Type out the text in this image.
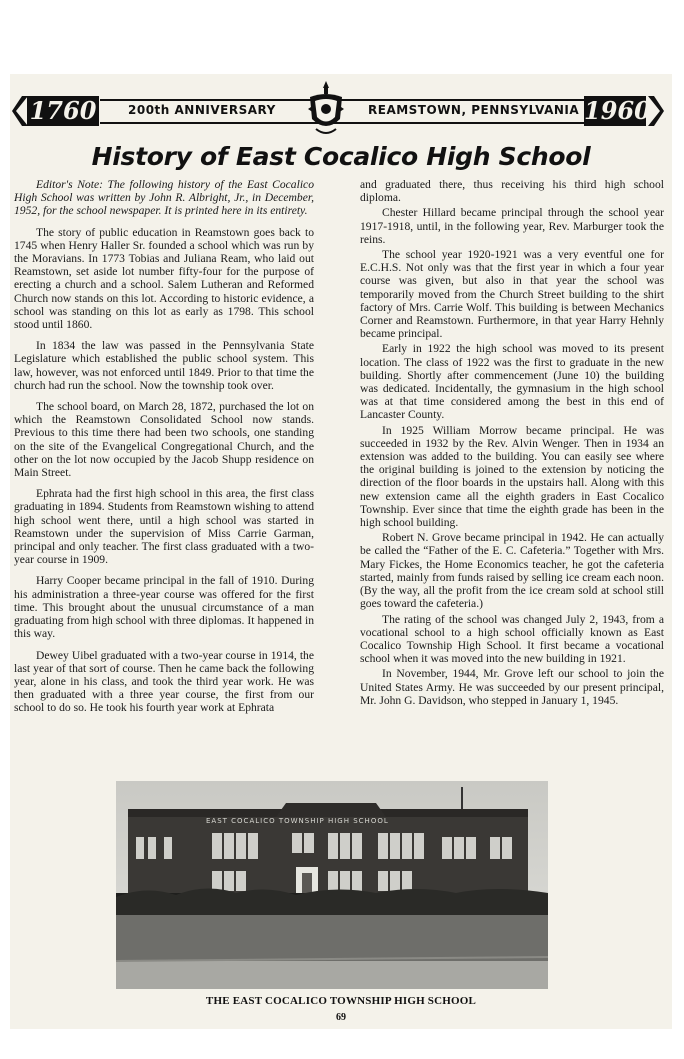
1760	200th ANNIVERSARY	REAMSTOWN, PENNSYLVANIA 1960
History of East Cocalico High School

Editor's Note: The following history of the East Cocalico High School was written by John R. Albright, Jr., in December, 1952, for the school newspaper. It is printed here in its entirety.

The story of public education in Reamstown goes back to 1745 when Henry Haller Sr. founded a school which was run by the Moravians. In 1773 Tobias and Juliana Ream, who laid out Reamstown, set aside lot number fifty-four for the purpose of erecting a church and a school. Salem Lutheran and Reformed Church now stands on this lot. According to historic evidence, a school was standing on this lot as early as 1798. This school stood until 1860.

In 1834 the law was passed in the Pennsylvania State Legislature which established the public school system. This law, however, was not enforced until 1849. Prior to that time the church had run the school. Now the township took over.

The school board, on March 28, 1872, purchased the lot on which the Reamstown Consolidated School now stands. Previous to this time there had been two schools, one standing on the site of the Evangelical Congregational Church, and the other on the lot now occupied by the Jacob Shupp residence on Main Street.

Ephrata had the first high school in this area, the first class graduating in 1894. Students from Reamstown wishing to attend high school went there, until a high school was started in Reamstown under the supervision of Miss Carrie Garman, principal and only teacher. The first class graduated with a two-year course in 1909.

Harry Cooper became principal in the fall of 1910. During his administration a three-year course was offered for the first time. This brought about the unusual circumstance of a man graduating from high school with three diplomas. It happened in this way.

Dewey Uibel graduated with a two-year course in 1914, the last year of that sort of course. Then he came back the following year, alone in his class, and took the third year work. He was then graduated with a three year course, the first from our school to do so. He took his fourth year work at Ephrata

and graduated there, thus receiving his third high school diploma.

Chester Hillard became principal through the school year 1917-1918, until, in the following year, Rev. Marburger took the reins.

The school year 1920-1921 was a very eventful one for E.C.H.S. Not only was that the first year in which a four year course was given, but also in that year the school was temporarily moved from the Church Street building to the shirt factory of Mrs. Carrie Wolf. This building is between Mechanics Corner and Reamstown. Furthermore, in that year Harry Hehnly became principal.

Early in 1922 the high school was moved to its present location. The class of 1922 was the first to graduate in the new building. Shortly after commencement (June 10) the building was dedicated. Incidentally, the gymnasium in the high school was at that time considered among the best in this end of Lancaster County.

In 1925 William Morrow became principal. He was succeeded in 1932 by the Rev. Alvin Wenger. Then in 1934 an extension was added to the building. You can easily see where the original building is joined to the extension by noticing the direction of the floor boards in the upstairs hall. Along with this new extension came all the eighth graders in East Cocalico Township. Ever since that time the eighth grade has been in the high school building.

Robert N. Grove became principal in 1942. He can actually be called the “Father of the E. C. Cafeteria.” Together with Mrs. Mary Fickes, the Home Economics teacher, he got the cafeteria started, mainly from funds raised by selling ice cream each noon. (By the way, all the profit from the ice cream sold at school still goes toward the cafeteria.)

The rating of the school was changed July 2, 1943, from a vocational school to a high school officially known as East Cocalico Township High School. It first became a vocational school when it was moved into the new building in 1921.

In November, 1944, Mr. Grove left our school to join the United States Army. He was succeeded by our present principal, Mr. John G. Davidson, who stepped in January 1, 1945.

EAST COCALICO TOWNSHIP HIGH SCHOOL
THE EAST COCALICO TOWNSHIP HIGH SCHOOL
69
